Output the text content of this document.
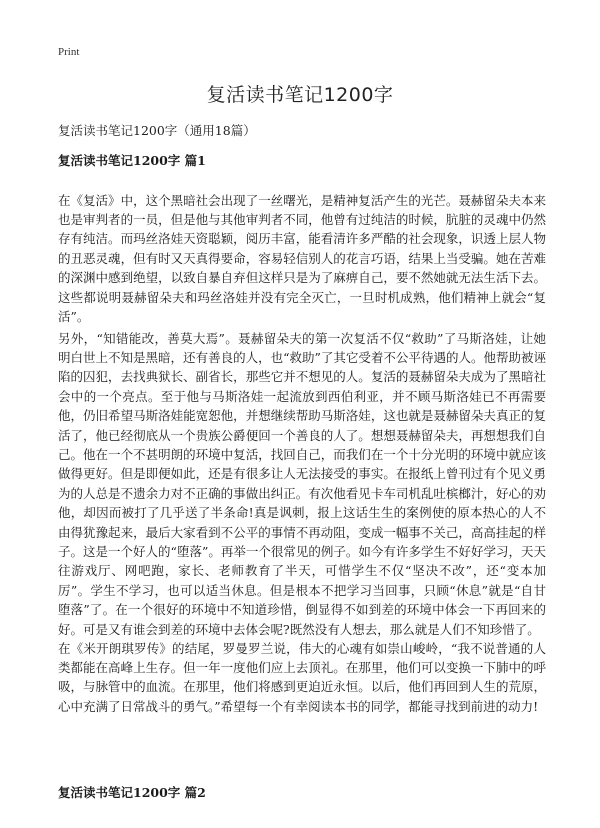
Print
复活读书笔记1200字
复活读书笔记1200字（通用18篇）
复活读书笔记1200字 篇1

在《复活》中，这个黑暗社会出现了一丝曙光，是精神复活产生的光芒。聂赫留朵夫本来也是审判者的一员，但是他与其他审判者不同，他曾有过纯洁的时候，肮脏的灵魂中仍然存有纯洁。而玛丝洛娃天资聪颖，阅历丰富，能看清许多严酷的社会现象，识透上层人物的丑恶灵魂，但有时又天真得要命，容易轻信别人的花言巧语，结果上当受骗。她在苦难的深渊中感到绝望，以致自暴自弃但这样只是为了麻痹自己，要不然她就无法生活下去。这些都说明聂赫留朵夫和玛丝洛娃并没有完全灭亡，一旦时机成熟，他们精神上就会“复活”。

另外，“知错能改，善莫大焉”。聂赫留朵夫的第一次复活不仅“救助”了马斯洛娃，让她明白世上不知是黑暗，还有善良的人，也“救助”了其它受着不公平待遇的人。他帮助被诬陷的囚犯，去找典狱长、副省长，那些它并不想见的人。复活的聂赫留朵夫成为了黑暗社会中的一个亮点。至于他与马斯洛娃一起流放到西伯利亚，并不顾马斯洛娃已不再需要他，仍旧希望马斯洛娃能宽恕他，并想继续帮助马斯洛娃，这也就是聂赫留朵夫真正的复活了，他已经彻底从一个贵族公爵便回一个善良的人了。想想聂赫留朵夫，再想想我们自己。他在一个不甚明朗的环境中复活，找回自己，而我们在一个十分光明的环境中就应该做得更好。但是即便如此，还是有很多让人无法接受的事实。在报纸上曾刊过有个见义勇为的人总是不遗余力对不正确的事做出纠正。有次他看见卡车司机乱吐槟榔汁，好心的劝他，却因而被打了几乎送了半条命!真是讽刺，报上这话生生的案例使的原本热心的人不由得犹豫起来，最后大家看到不公平的事情不再动阻，变成一幅事不关己，高高挂起的样子。这是一个好人的“堕落”。再举一个很常见的例子。如今有许多学生不好好学习，天天往游戏厅、网吧跑，家长、老师教育了半天，可惜学生不仅“坚决不改”，还“变本加厉”。学生不学习，也可以适当休息。但是根本不把学习当回事，只顾“休息”就是“自甘堕落”了。在一个很好的环境中不知道珍惜，倒显得不如到差的环境中体会一下再回来的好。可是又有谁会到差的环境中去体会呢?既然没有人想去，那么就是人们不知珍惜了。

在《米开朗琪罗传》的结尾，罗曼罗兰说，伟大的心魂有如崇山峻岭，“我不说普通的人类都能在高峰上生存。但一年一度他们应上去顶礼。在那里，他们可以变换一下肺中的呼吸，与脉管中的血流。在那里，他们将感到更迫近永恒。以后，他们再回到人生的荒原，心中充满了日常战斗的勇气。”希望每一个有幸阅读本书的同学，都能寻找到前进的动力!

复活读书笔记1200字 篇2
